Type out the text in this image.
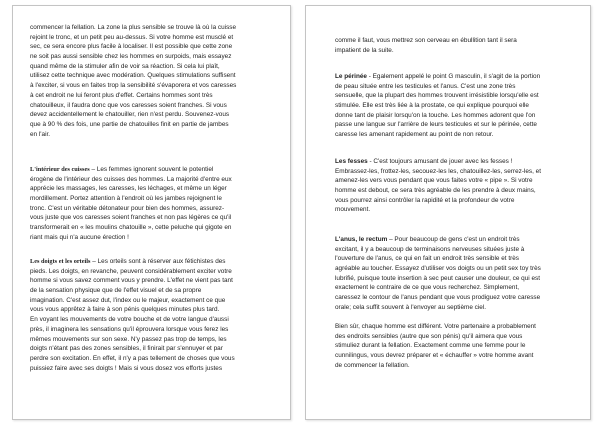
commencer la fellation. La zone la plus sensible se trouve là où la cuisse
rejoint le tronc, et un petit peu au-dessus. Si votre homme est musclé et
sec, ce sera encore plus facile à localiser. Il est possible que cette zone
ne soit pas aussi sensible chez les hommes en surpoids, mais essayez
quand même de la stimuler afin de voir sa réaction. Si cela lui plaît,
utilisez cette technique avec modération. Quelques stimulations suffisent
à l'exciter, si vous en faites trop la sensibilité s'évaporera et vos caresses
à cet endroit ne lui feront plus d'effet. Certains hommes sont très
chatouilleux, il faudra donc que vos caresses soient franches. Si vous
devez accidentellement le chatouiller, rien n'est perdu. Souvenez-vous
que à 90 % des fois, une partie de chatouilles finit en partie de jambes
en l'air.
L'intérieur des cuisses – Les femmes ignorent souvent le potentiel
érogène de l'intérieur des cuisses des hommes. La majorité d'entre eux
apprécie les massages, les caresses, les léchages, et même un léger
mordillement. Portez attention à l'endroit où les jambes rejoignent le
tronc. C'est un véritable détonateur pour bien des hommes, assurez-
vous juste que vos caresses soient franches et non pas légères ce qu'il
transformerait en « les moulins chatouille », cette peluche qui gigote en
riant mais qui n'a aucune érection !
Les doigts et les orteils – Les orteils sont à réserver aux fétichistes des
pieds. Les doigts, en revanche, peuvent considérablement exciter votre
homme si vous savez comment vous y prendre. L'effet ne vient pas tant
de la sensation physique que de l'effet visuel et de sa propre
imagination. C'est assez dut, l'index ou le majeur, exactement ce que
vous vous apprêtez à faire à son pénis quelques minutes plus tard.
En voyant les mouvements de votre bouche et de votre langue d'aussi
près, il imaginera les sensations qu'il éprouvera lorsque vous ferez les
mêmes mouvements sur son sexe. N'y passez pas trop de temps, les
doigts n'étant pas des zones sensibles, il finirait par s'ennuyer et par
perdre son excitation. En effet, il n'y a pas tellement de choses que vous
puissiez faire avec ses doigts ! Mais si vous dosez vos efforts justes
comme il faut, vous mettrez son cerveau en ébullition tant il sera
impatient de la suite.
Le périnée - Egalement appelé le point G masculin, il s'agit de la portion
de peau située entre les testicules et l'anus. C'est une zone très
sensuelle, que la plupart des hommes trouvent irrésistible lorsqu'elle est
stimulée. Elle est très liée à la prostate, ce qui explique pourquoi elle
donne tant de plaisir lorsqu'on la touche. Les hommes adorent que l'on
passe une langue sur l'arrière de leurs testicules et sur le périnée, cette
caresse les amenant rapidement au point de non retour.
Les fesses - C'est toujours amusant de jouer avec les fesses !
Embrassez-les, frottez-les, secouez-les les, chatouillez-les, serrez-les, et
amenez-les vers vous pendant que vous faites votre « pipe ». Si votre
homme est debout, ce sera très agréable de les prendre à deux mains,
vous pourrez ainsi contrôler la rapidité et la profondeur de votre
mouvement.
L'anus, le rectum – Pour beaucoup de gens c'est un endroit très
excitant, il y a beaucoup de terminaisons nerveuses situées juste à
l'ouverture de l'anus, ce qui en fait un endroit très sensible et très
agréable au toucher. Essayez d'utiliser vos doigts ou un petit sex toy très
lubrifié, puisque toute insertion à sec peut causer une douleur, ce qui est
exactement le contraire de ce que vous recherchez. Simplement,
caressez le contour de l'anus pendant que vous prodiguez votre caresse
orale; cela suffit souvent à l'envoyer au septième ciel.
Bien sûr, chaque homme est différent. Votre partenaire a probablement
des endroits sensibles (autre que son pénis) qu'il aimera que vous
stimuliez durant la fellation. Exactement comme une femme pour le
cunnilingus, vous devrez préparer et « échauffer » votre homme avant
de commencer la fellation.
